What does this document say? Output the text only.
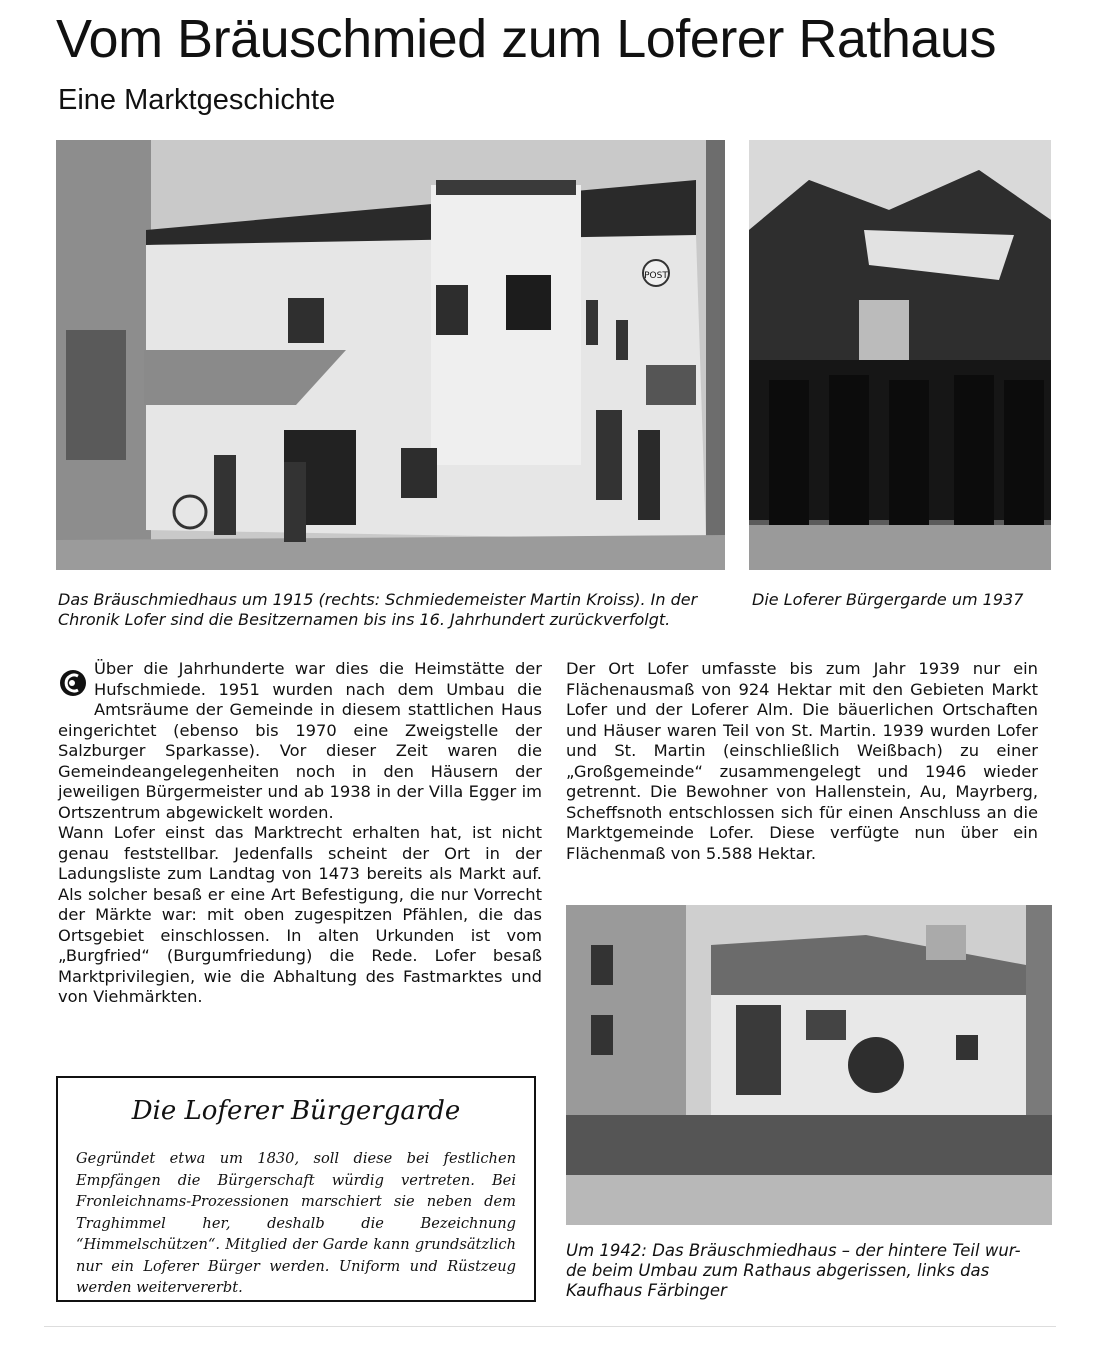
Vom Bräuschmied zum Loferer Rathaus
Eine Marktgeschichte
POST
Das Bräuschmiedhaus um 1915 (rechts: Schmiedemeister Martin Kroiss). In der
Chronik Lofer sind die Besitzernamen bis ins 16. Jahrhundert zurückverfolgt.
Die Loferer Bürgergarde um 1937
Über die Jahrhunderte war dies die Heimstätte der Hufschmiede. 1951 wurden nach dem Umbau die Amtsräume der Gemeinde in diesem stattlichen Haus eingerichtet (ebenso bis 1970 eine Zweigstelle der Salzburger Sparkasse). Vor dieser Zeit waren die Gemeindeangelegenheiten noch in den Häusern der jeweiligen Bürgermeister und ab 1938 in der Villa Egger im Ortszentrum abgewickelt worden.
Wann Lofer einst das Marktrecht erhalten hat, ist nicht genau feststellbar. Jedenfalls scheint der Ort in der Ladungsliste zum Landtag von 1473 bereits als Markt auf. Als solcher besaß er eine Art Befestigung, die nur Vorrecht der Märkte war: mit oben zugespitzen Pfählen, die das Ortsgebiet einschlossen. In alten Urkunden ist vom „Burgfried“ (Burgumfriedung) die Rede. Lofer besaß Marktprivilegien, wie die Abhaltung des Fastmarktes und von Viehmärkten.
Der Ort Lofer umfasste bis zum Jahr 1939 nur ein Flächenausmaß von 924 Hektar mit den Gebieten Markt Lofer und der Loferer Alm. Die bäuerlichen Ortschaften und Häuser waren Teil von St. Martin. 1939 wurden Lofer und St. Martin (einschließlich Weißbach) zu einer „Großgemeinde“ zusammengelegt und 1946 wieder getrennt. Die Bewohner von Hallenstein, Au, Mayrberg, Scheffsnoth entschlossen sich für einen Anschluss an die Marktgemeinde Lofer. Diese verfügte nun über ein Flächenmaß von 5.588 Hektar.
Um 1942: Das Bräuschmiedhaus – der hintere Teil wur-
de beim Umbau zum Rathaus abgerissen, links das
Kaufhaus Färbinger
Die Loferer Bürgergarde
Gegründet etwa um 1830, soll diese bei festlichen Empfängen die Bürgerschaft würdig vertreten. Bei Fronleichnams-Prozessionen marschiert sie neben dem Traghimmel her, deshalb die Bezeichnung “Himmelschützen“. Mitglied der Garde kann grundsätzlich nur ein Loferer Bürger werden. Uniform und Rüstzeug werden weitervererbt.
